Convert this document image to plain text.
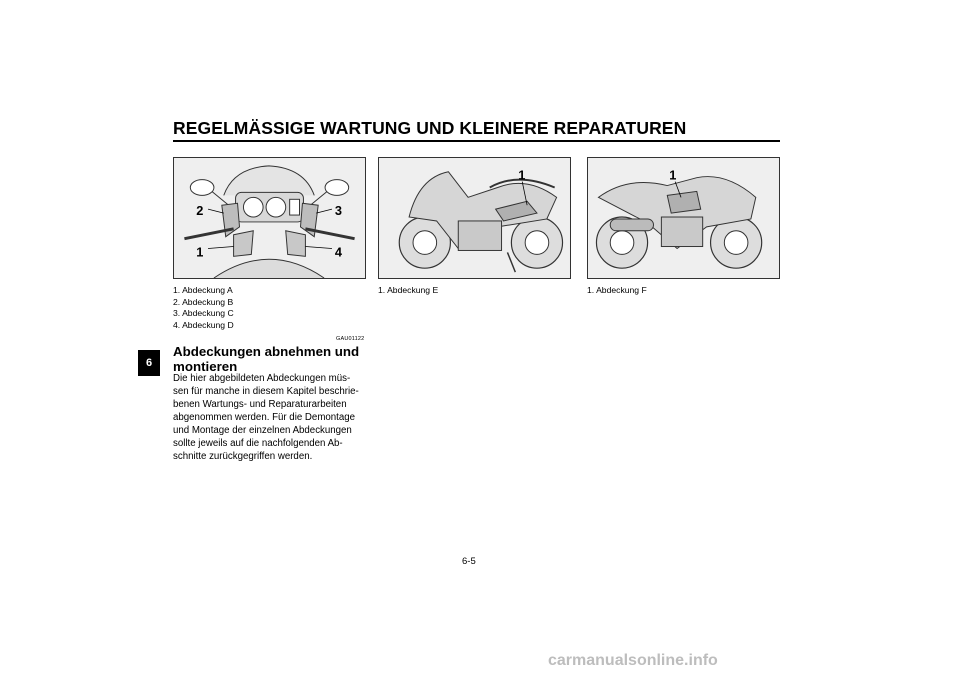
REGELMÄSSIGE WARTUNG UND KLEINERE REPARATUREN
2	3
1	4
1	1
1. Abdeckung A
2. Abdeckung B
3. Abdeckung C
4. Abdeckung D
1. Abdeckung E	1. Abdeckung F
GAU01122
Abdeckungen abnehmen und
montieren
Die hier abgebildeten Abdeckungen müs-
sen für manche in diesem Kapitel beschrie-
benen Wartungs- und Reparaturarbeiten
abgenommen werden. Für die Demontage
und Montage der einzelnen Abdeckungen
sollte jeweils auf die nachfolgenden Ab-
schnitte zurückgegriffen werden.
6
6-5
carmanualsonline.info
